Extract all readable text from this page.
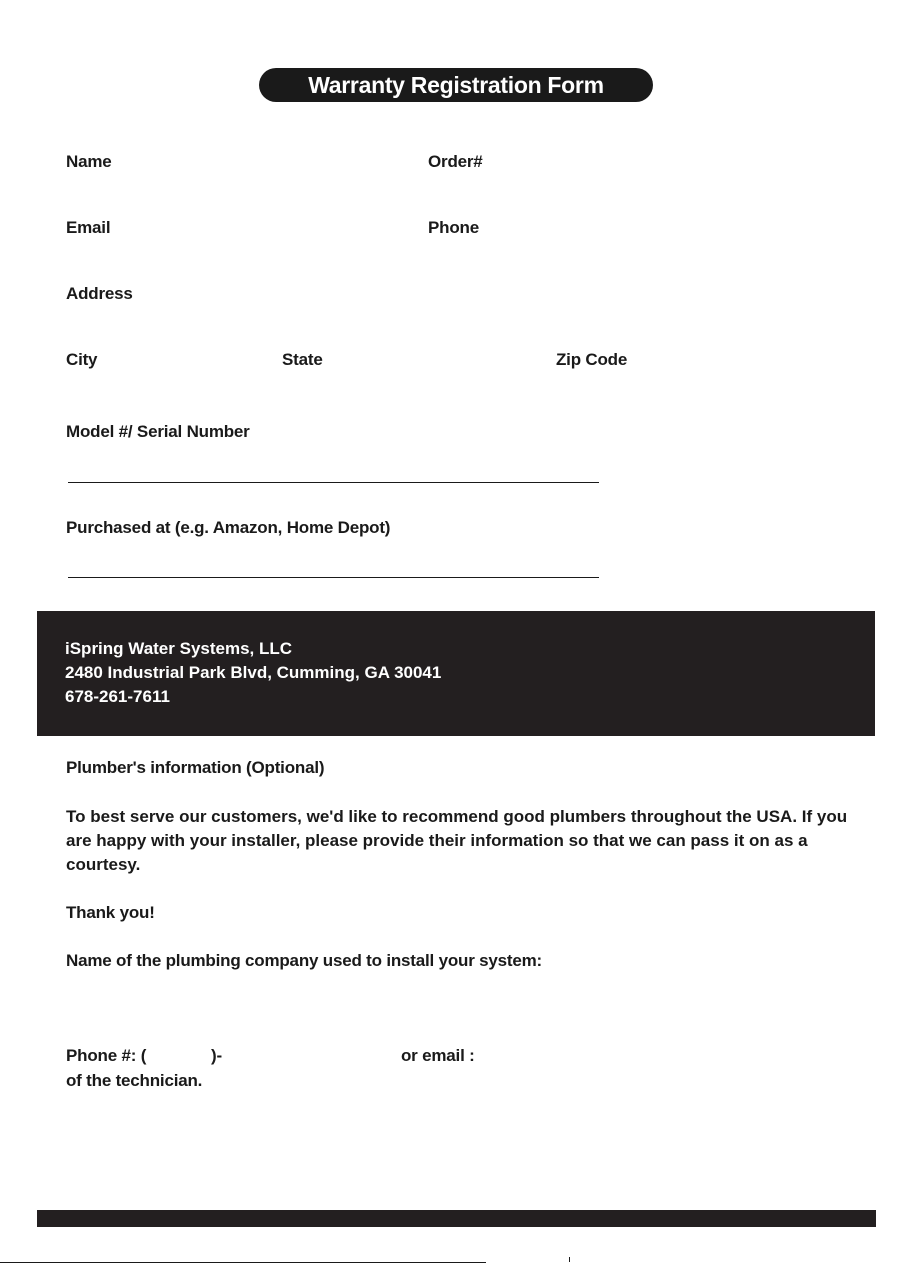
Warranty Registration Form
Name	Order#
Email	Phone
Address
City	State	Zip Code
Model #/ Serial Number
Purchased at (e.g. Amazon, Home Depot)
iSpring Water Systems, LLC
2480 Industrial Park Blvd, Cumming, GA 30041
678-261-7611
Plumber's information (Optional)
To best serve our customers, we'd like to recommend good plumbers throughout the USA. If you are happy with your installer, please provide their information so that we can pass it on as a courtesy.
Thank you!
Name of the plumbing company used to install your system:
Phone #: (	)-	or email :
of the technician.
